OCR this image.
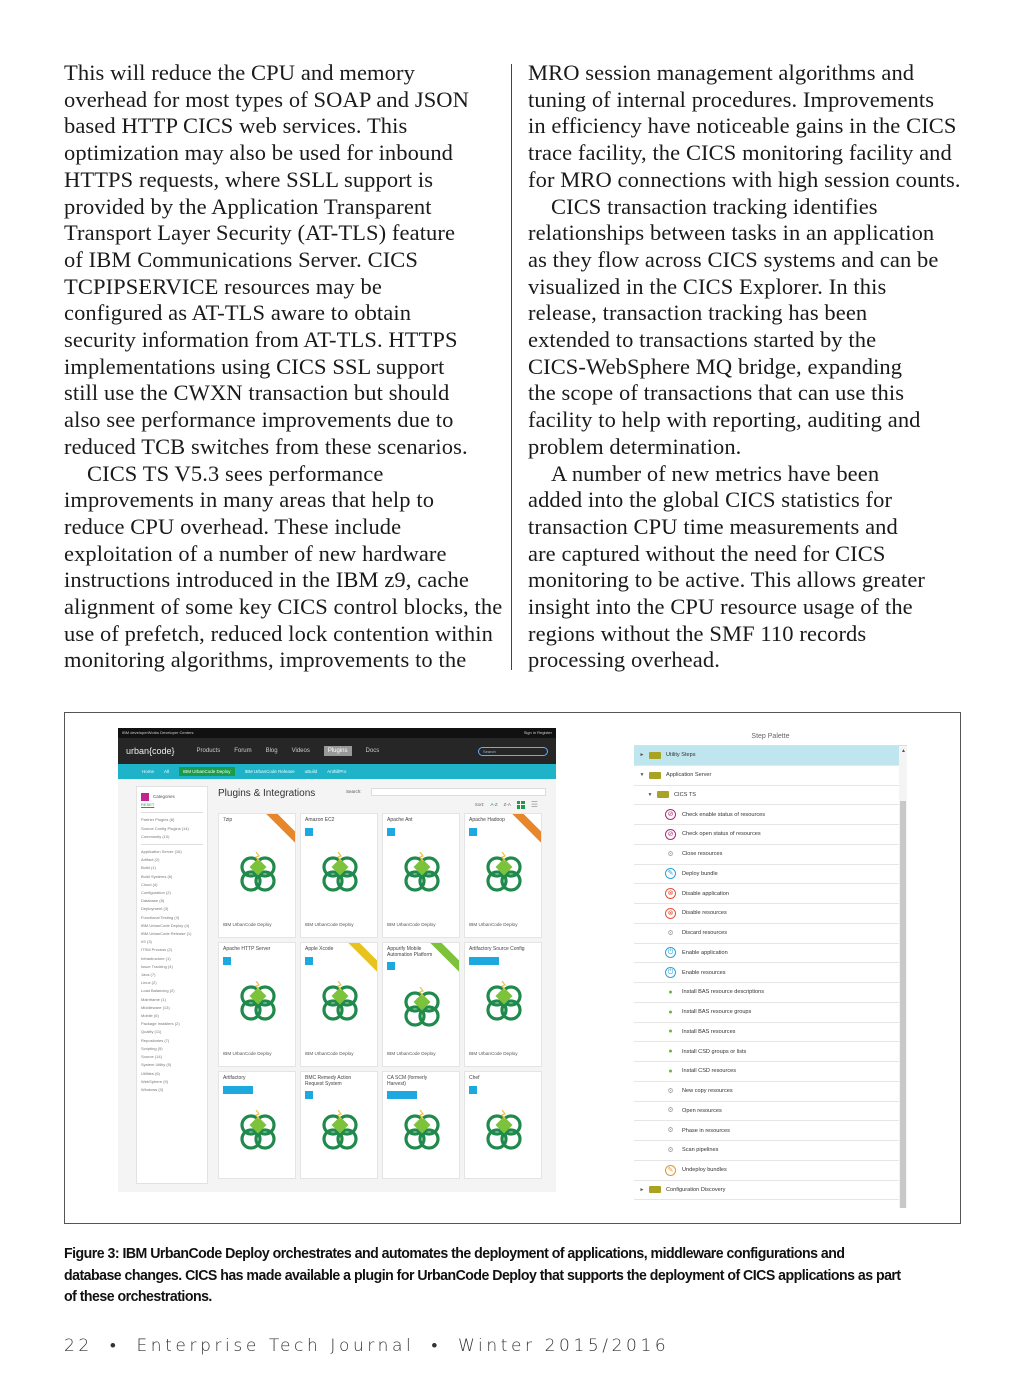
This will reduce the CPU and memory
overhead for most types of SOAP and JSON
based HTTP CICS web services. This
optimization may also be used for inbound
HTTPS requests, where SSLL support is
provided by the Application Transparent
Transport Layer Security (AT-TLS) feature
of IBM Communications Server. CICS
TCPIPSERVICE resources may be
configured as AT-TLS aware to obtain
security information from AT-TLS. HTTPS
implementations using CICS SSL support
still use the CWXN transaction but should
also see performance improvements due to
reduced TCB switches from these scenarios.
CICS TS V5.3 sees performance
improvements in many areas that help to
reduce CPU overhead. These include
exploitation of a number of new hardware
instructions introduced in the IBM z9, cache
alignment of some key CICS control blocks, the
use of prefetch, reduced lock contention within
monitoring algorithms, improvements to the
MRO session management algorithms and
tuning of internal procedures. Improvements
in efficiency have noticeable gains in the CICS
trace facility, the CICS monitoring facility and
for MRO connections with high session counts.
CICS transaction tracking identifies
relationships between tasks in an application
as they flow across CICS systems and can be
visualized in the CICS Explorer. In this
release, transaction tracking has been
extended to transactions started by the
CICS-WebSphere MQ bridge, expanding
the scope of transactions that can use this
facility to help with reporting, auditing and
problem determination.
A number of new metrics have been
added into the global CICS statistics for
transaction CPU time measurements and
are captured without the need for CICS
monitoring to be active. This allows greater
insight into the CPU resource usage of the
regions without the SMF 110 records
processing overhead.
IBM developerWorks Developer Centers	Sign in Register
urban{code}	Products Forum Blog Videos	Plugins	Docs	Search
Home All	IBM UrbanCode Deploy	IBM UrbanCode Release uBuild AnthillPro
Categories
RESET
Partner Plugins (8)
Source Config Plugins (14)
Community (10)
Application Server (16)
Artifact (2)
Build (1)
Build Systems (6)
Cloud (4)
Configuration (2)
Database (8)
Deployment (3)
Functional Testing (3)
IBM UrbanCode Deploy (4)
IBM UrbanCode Release (1)
IIS (3)
ITSM Process (2)
Infrastructure (1)
Issue Tracking (4)
Java (7)
Linux (2)
Load Balancing (2)
Mainframe (1)
Middleware (13)
Mobile (6)
Package Installers (2)
Quality (11)
Repositories (7)
Scripting (5)
Source (14)
System Utility (5)
Utilities (6)
WebSphere (9)
Windows (3)
Plugins & Integrations	Search:
Sort: A-Z Z-A	☰
7zip
IBM UrbanCode Deploy
Amazon EC2
IBM UrbanCode Deploy
Apache Ant
IBM UrbanCode Deploy
Apache Hadoop
IBM UrbanCode Deploy
Apache HTTP Server
IBM UrbanCode Deploy
Apple Xcode
IBM UrbanCode Deploy
Appurify Mobile Automation Platform
IBM UrbanCode Deploy
Artifactory Source Config
IBM UrbanCode Deploy
Artifactory	BMC Remedy Action Request System
CA SCM (formerly Harvest)
Chef
Step Palette
►	Utility Steps
▼	Application Server
▼	CICS TS
⊘	Check enable status of resources
⊘	Check open status of resources
⚙	Close resources
✎	Deploy bundle
⊗	Disable application
⊗	Disable resources
⚙	Discard resources
⏻	Enable application
⏻	Enable resources
●	Install BAS resource descriptions
●	Install BAS resource groups
●	Install BAS resources
●	Install CSD groups or lists
●	Install CSD resources
⚙	New copy resources
⚙	Open resources
⚙	Phase in resources
⚙	Scan pipelines
✎	Undeploy bundles
►	Configuration Discovery
▲
Figure 3: IBM UrbanCode Deploy orchestrates and automates the deployment of applications, middleware configurations and database changes. CICS has made available a plugin for UrbanCode Deploy that supports the deployment of CICS applications as part of these orchestrations.
22 • Enterprise Tech Journal • Winter 2015/2016
